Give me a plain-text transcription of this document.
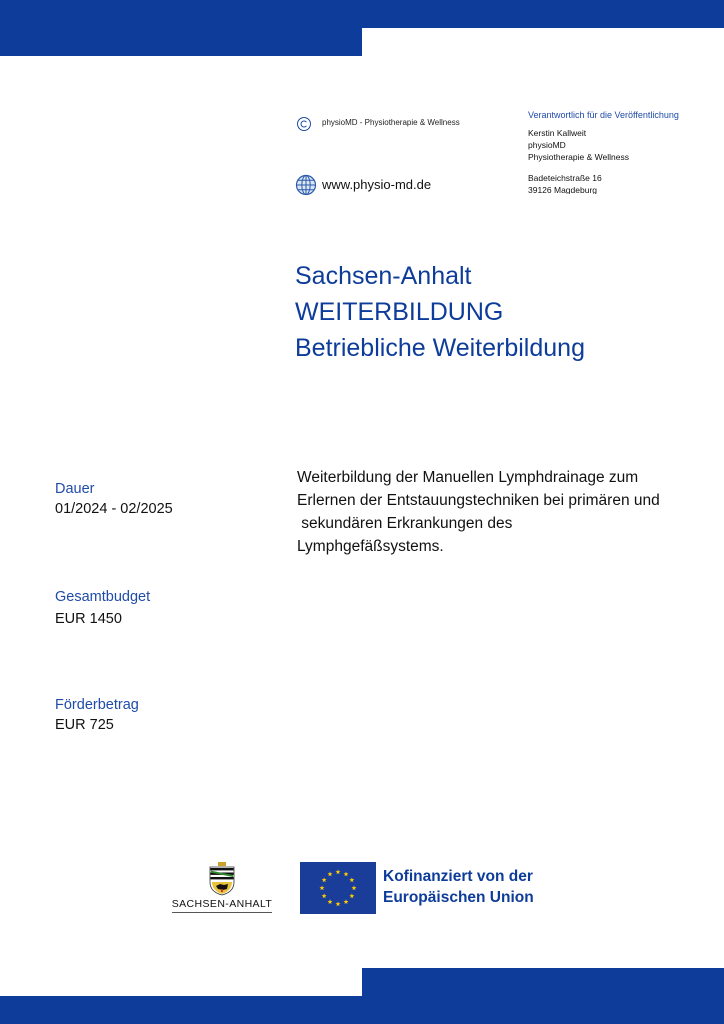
physioMD - Physiotherapie & Wellness
www.physio-md.de
Verantwortlich für die Veröffentlichung
Kerstin Kallweit
physioMD
Physiotherapie & Wellness
Badeteichstraße 16
39126 Magdeburg
Sachsen-Anhalt
WEITERBILDUNG
Betriebliche Weiterbildung
Weiterbildung der Manuellen Lymphdrainage zum
Erlernen der Entstauungstechniken bei primären und
sekundären Erkrankungen des
Lymphgefäßsystems.
Dauer
01/2024 - 02/2025
Gesamtbudget
EUR 1450
Förderbetrag
EUR 725
SACHSEN-ANHALT
Kofinanziert von der
Europäischen Union
